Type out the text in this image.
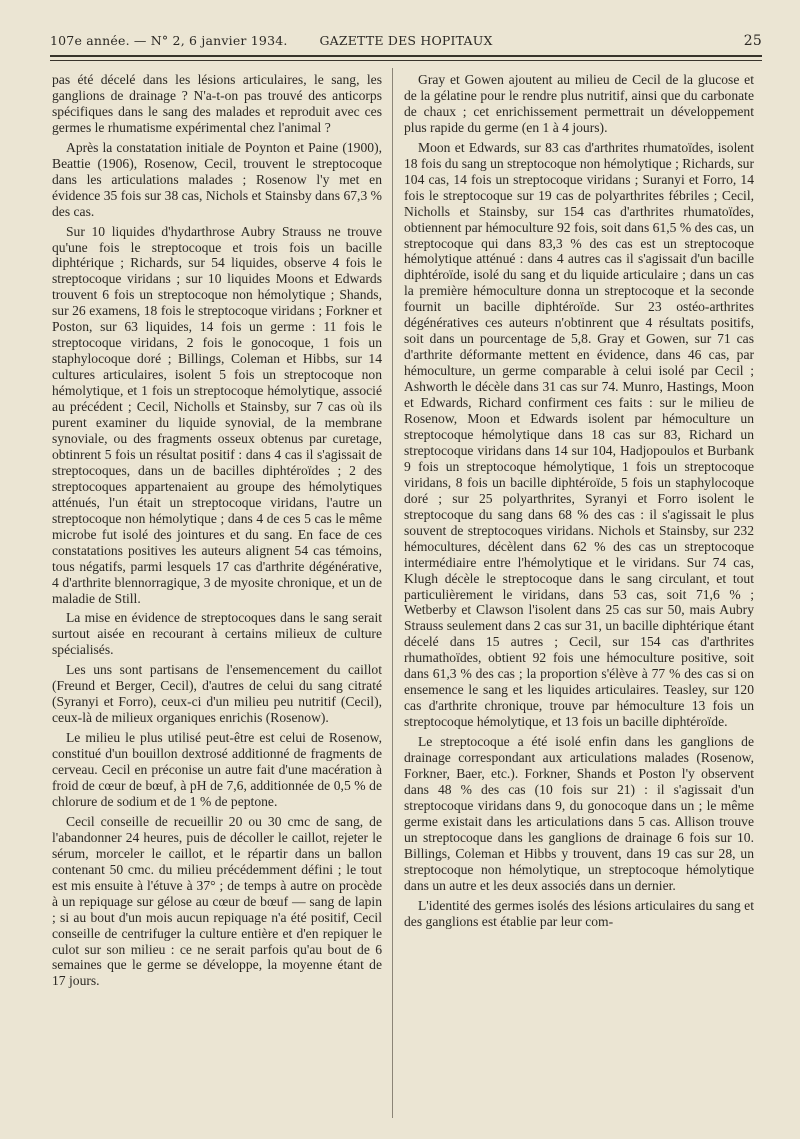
107e année. — N° 2, 6 janvier 1934.	GAZETTE DES HOPITAUX	25

pas été décelé dans les lésions articulaires, le sang, les ganglions de drainage ? N'a-t-on pas trouvé des anticorps spécifiques dans le sang des malades et reproduit avec ces germes le rhumatisme expérimental chez l'animal ?

Après la constatation initiale de Poynton et Paine (1900), Beattie (1906), Rosenow, Cecil, trouvent le streptocoque dans les articulations malades ; Rosenow l'y met en évidence 35 fois sur 38 cas, Nichols et Stainsby dans 67,3 % des cas.

Sur 10 liquides d'hydarthrose Aubry Strauss ne trouve qu'une fois le streptocoque et trois fois un bacille diphtérique ; Richards, sur 54 liquides, observe 4 fois le streptocoque viridans ; sur 10 liquides Moons et Edwards trouvent 6 fois un streptocoque non hémolytique ; Shands, sur 26 examens, 18 fois le streptocoque viridans ; Forkner et Poston, sur 63 liquides, 14 fois un germe : 11 fois le streptocoque viridans, 2 fois le gonocoque, 1 fois un staphylocoque doré ; Billings, Coleman et Hibbs, sur 14 cultures articulaires, isolent 5 fois un streptocoque non hémolytique, et 1 fois un streptocoque hémolytique, associé au précédent ; Cecil, Nicholls et Stainsby, sur 7 cas où ils purent examiner du liquide synovial, de la membrane synoviale, ou des fragments osseux obtenus par curetage, obtinrent 5 fois un résultat positif : dans 4 cas il s'agissait de streptocoques, dans un de bacilles diphtéroïdes ; 2 des streptocoques appartenaient au groupe des hémolytiques atténués, l'un était un streptocoque viridans, l'autre un streptocoque non hémolytique ; dans 4 de ces 5 cas le même microbe fut isolé des jointures et du sang. En face de ces constatations positives les auteurs alignent 54 cas témoins, tous négatifs, parmi lesquels 17 cas d'arthrite dégénérative, 4 d'arthrite blennorragique, 3 de myosite chronique, et un de maladie de Still.

La mise en évidence de streptocoques dans le sang serait surtout aisée en recourant à certains milieux de culture spécialisés.

Les uns sont partisans de l'ensemencement du caillot (Freund et Berger, Cecil), d'autres de celui du sang citraté (Syranyi et Forro), ceux-ci d'un milieu peu nutritif (Cecil), ceux-là de milieux organiques enrichis (Rosenow).

Le milieu le plus utilisé peut-être est celui de Rosenow, constitué d'un bouillon dextrosé additionné de fragments de cerveau. Cecil en préconise un autre fait d'une macération à froid de cœur de bœuf, à pH de 7,6, additionnée de 0,5 % de chlorure de sodium et de 1 % de peptone.

Cecil conseille de recueillir 20 ou 30 cmc de sang, de l'abandonner 24 heures, puis de décoller le caillot, rejeter le sérum, morceler le caillot, et le répartir dans un ballon contenant 50 cmc. du milieu précédemment défini ; le tout est mis ensuite à l'étuve à 37° ; de temps à autre on procède à un repiquage sur gélose au cœur de bœuf — sang de lapin ; si au bout d'un mois aucun repiquage n'a été positif, Cecil conseille de centrifuger la culture entière et d'en repiquer le culot sur son milieu : ce ne serait parfois qu'au bout de 6 semaines que le germe se développe, la moyenne étant de 17 jours.

Gray et Gowen ajoutent au milieu de Cecil de la glucose et de la gélatine pour le rendre plus nutritif, ainsi que du carbonate de chaux ; cet enrichissement permettrait un développement plus rapide du germe (en 1 à 4 jours).

Moon et Edwards, sur 83 cas d'arthrites rhumatoïdes, isolent 18 fois du sang un streptocoque non hémolytique ; Richards, sur 104 cas, 14 fois un streptocoque viridans ; Suranyi et Forro, 14 fois le streptocoque sur 19 cas de polyarthrites fébriles ; Cecil, Nicholls et Stainsby, sur 154 cas d'arthrites rhumatoïdes, obtiennent par hémoculture 92 fois, soit dans 61,5 % des cas, un streptocoque qui dans 83,3 % des cas est un streptocoque hémolytique atténué : dans 4 autres cas il s'agissait d'un bacille diphtéroïde, isolé du sang et du liquide articulaire ; dans un cas la première hémoculture donna un streptocoque et la seconde fournit un bacille diphtéroïde. Sur 23 ostéo-arthrites dégénératives ces auteurs n'obtinrent que 4 résultats positifs, soit dans un pourcentage de 5,8. Gray et Gowen, sur 71 cas d'arthrite déformante mettent en évidence, dans 46 cas, par hémoculture, un germe comparable à celui isolé par Cecil ; Ashworth le décèle dans 31 cas sur 74. Munro, Hastings, Moon et Edwards, Richard confirment ces faits : sur le milieu de Rosenow, Moon et Edwards isolent par hémoculture un streptocoque hémolytique dans 18 cas sur 83, Richard un streptocoque viridans dans 14 sur 104, Hadjopoulos et Burbank 9 fois un streptocoque hémolytique, 1 fois un streptocoque viridans, 8 fois un bacille diphtéroïde, 5 fois un staphylocoque doré ; sur 25 polyarthrites, Syranyi et Forro isolent le streptocoque du sang dans 68 % des cas : il s'agissait le plus souvent de streptocoques viridans. Nichols et Stainsby, sur 232 hémocultures, décèlent dans 62 % des cas un streptocoque intermédiaire entre l'hémolytique et le viridans. Sur 74 cas, Klugh décèle le streptocoque dans le sang circulant, et tout particulièrement le viridans, dans 53 cas, soit 71,6 % ; Wetberby et Clawson l'isolent dans 25 cas sur 50, mais Aubry Strauss seulement dans 2 cas sur 31, un bacille diphtérique étant décelé dans 15 autres ; Cecil, sur 154 cas d'arthrites rhumathoïdes, obtient 92 fois une hémoculture positive, soit dans 61,3 % des cas ; la proportion s'élève à 77 % des cas si on ensemence le sang et les liquides articulaires. Teasley, sur 120 cas d'arthrite chronique, trouve par hémoculture 13 fois un streptocoque hémolytique, et 13 fois un bacille diphtéroïde.

Le streptocoque a été isolé enfin dans les ganglions de drainage correspondant aux articulations malades (Rosenow, Forkner, Baer, etc.). Forkner, Shands et Poston l'y observent dans 48 % des cas (10 fois sur 21) : il s'agissait d'un streptocoque viridans dans 9, du gonocoque dans un ; le même germe existait dans les articulations dans 5 cas. Allison trouve un streptocoque dans les ganglions de drainage 6 fois sur 10. Billings, Coleman et Hibbs y trouvent, dans 19 cas sur 28, un streptocoque non hémolytique, un streptocoque hémolytique dans un autre et les deux associés dans un dernier.

L'identité des germes isolés des lésions articulaires du sang et des ganglions est établie par leur com-
